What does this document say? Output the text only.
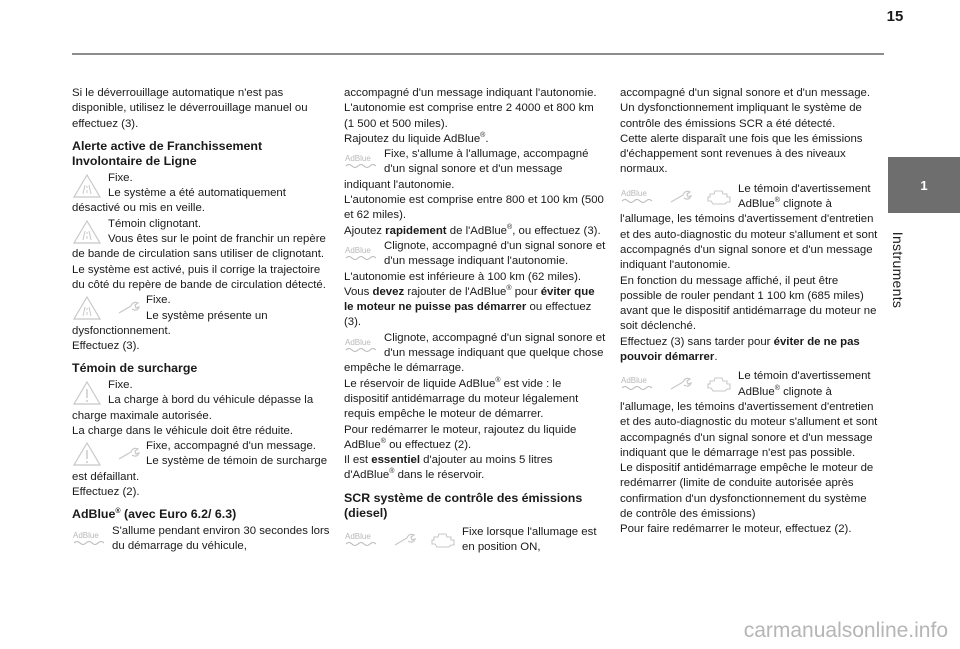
15
1
Instruments

Si le déverrouillage automatique n'est pas disponible, utilisez le déverrouillage manuel ou effectuez (3).

Alerte active de Franchissement Involontaire de Ligne

Fixe.

Le système a été automatiquement désactivé ou mis en veille.

Témoin clignotant.

Vous êtes sur le point de franchir un repère de bande de circulation sans utiliser de clignotant.

Le système est activé, puis il corrige la trajectoire du côté du repère de bande de circulation détecté.

Fixe.

Le système présente un dysfonctionnement.

Effectuez (3).

Témoin de surcharge

Fixe.

La charge à bord du véhicule dépasse la charge maximale autorisée.

La charge dans le véhicule doit être réduite.

Fixe, accompagné d'un message.

Le système de témoin de surcharge est défaillant.

Effectuez (2).

AdBlue® (avec Euro 6.2/ 6.3)

AdBlue	S'allume pendant environ 30 secondes lors du démarrage du véhicule,

accompagné d'un message indiquant l'autonomie.

L'autonomie est comprise entre 2 4000 et 800 km (1 500 et 500 miles).

Rajoutez du liquide AdBlue®.

AdBlue	Fixe, s'allume à l'allumage, accompagné d'un signal sonore et d'un message indiquant l'autonomie.

L'autonomie est comprise entre 800 et 100 km (500 et 62 miles).

Ajoutez rapidement de l'AdBlue®, ou effectuez (3).

AdBlue	Clignote, accompagné d'un signal sonore et d'un message indiquant l'autonomie.

L'autonomie est inférieure à 100 km (62 miles).

Vous devez rajouter de l'AdBlue® pour éviter que le moteur ne puisse pas démarrer ou effectuez (3).

AdBlue	Clignote, accompagné d'un signal sonore et d'un message indiquant que quelque chose empêche le démarrage.

Le réservoir de liquide AdBlue® est vide : le dispositif antidémarrage du moteur légalement requis empêche le moteur de démarrer.

Pour redémarrer le moteur, rajoutez du liquide AdBlue® ou effectuez (2).

Il est essentiel d'ajouter au moins 5 litres d'AdBlue® dans le réservoir.

SCR système de contrôle des émissions (diesel)

AdBlue	Fixe lorsque l'allumage est en position ON,

accompagné d'un signal sonore et d'un message.

Un dysfonctionnement impliquant le système de contrôle des émissions SCR a été détecté.

Cette alerte disparaît une fois que les émissions d'échappement sont revenues à des niveaux normaux.

AdBlue	Le témoin d'avertissement AdBlue® clignote à l'allumage, les témoins d'avertissement d'entretien et des auto-diagnostic du moteur s'allument et sont accompagnés d'un signal sonore et d'un message indiquant l'autonomie.

En fonction du message affiché, il peut être possible de rouler pendant 1 100 km (685 miles) avant que le dispositif antidémarrage du moteur ne soit déclenché.

Effectuez (3) sans tarder pour éviter de ne pas pouvoir démarrer.

AdBlue	Le témoin d'avertissement AdBlue® clignote à l'allumage, les témoins d'avertissement d'entretien et des auto-diagnostic du moteur s'allument et sont accompagnés d'un signal sonore et d'un message indiquant que le démarrage n'est pas possible.

Le dispositif antidémarrage empêche le moteur de redémarrer (limite de conduite autorisée après confirmation d'un dysfonctionnement du système de contrôle des émissions)

Pour faire redémarrer le moteur, effectuez (2).

carmanualsonline.info
